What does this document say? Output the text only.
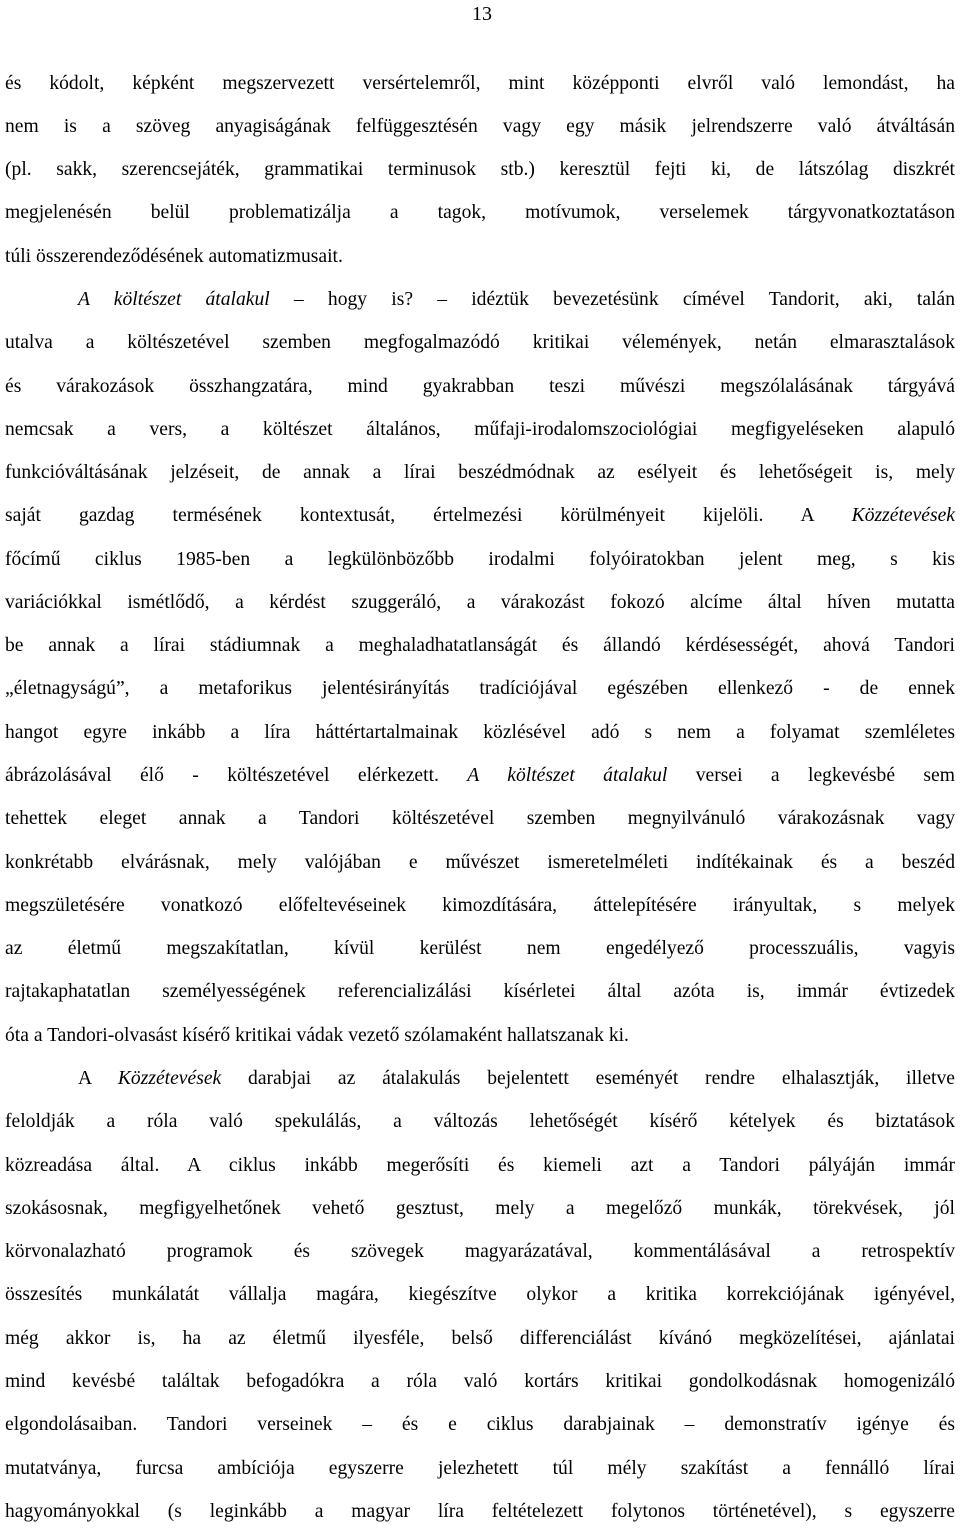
13
és kódolt, képként megszervezett versértelemről, mint középponti elvről való lemondást, ha
nem is a szöveg anyagiságának felfüggesztésén vagy egy másik jelrendszerre való átváltásán
(pl. sakk, szerencsejáték, grammatikai terminusok stb.) keresztül fejti ki, de látszólag diszkrét
megjelenésén belül problematizálja a tagok, motívumok, verselemek tárgyvonatkoztatáson
túli összerendeződésének automatizmusait.
A költészet átalakul – hogy is? – idéztük bevezetésünk címével Tandorit, aki, talán
utalva a költészetével szemben megfogalmazódó kritikai vélemények, netán elmarasztalások
és várakozások összhangzatára, mind gyakrabban teszi művészi megszólalásának tárgyává
nemcsak a vers, a költészet általános, műfaji-irodalomszociológiai megfigyeléseken alapuló
funkcióváltásának jelzéseit, de annak a lírai beszédmódnak az esélyeit és lehetőségeit is, mely
saját gazdag termésének kontextusát, értelmezési körülményeit kijelöli. A Közzétevések
főcímű ciklus 1985-ben a legkülönbözőbb irodalmi folyóiratokban jelent meg, s kis
variációkkal ismétlődő, a kérdést szuggeráló, a várakozást fokozó alcíme által híven mutatta
be annak a lírai stádiumnak a meghaladhatatlanságát és állandó kérdésességét, ahová Tandori
„életnagyságú”, a metaforikus jelentésirányítás tradíciójával egészében ellenkező - de ennek
hangot egyre inkább a líra háttértartalmainak közlésével adó s nem a folyamat szemléletes
ábrázolásával élő - költészetével elérkezett. A költészet átalakul versei a legkevésbé sem
tehettek eleget annak a Tandori költészetével szemben megnyilvánuló várakozásnak vagy
konkrétabb elvárásnak, mely valójában e művészet ismeretelméleti indítékainak és a beszéd
megszületésére vonatkozó előfeltevéseinek kimozdítására, áttelepítésére irányultak, s melyek
az életmű megszakítatlan, kívül kerülést nem engedélyező processzuális, vagyis
rajtakaphatatlan személyességének referencializálási kísérletei által azóta is, immár évtizedek
óta a Tandori-olvasást kísérő kritikai vádak vezető szólamaként hallatszanak ki.
A Közzétevések darabjai az átalakulás bejelentett eseményét rendre elhalasztják, illetve
feloldják a róla való spekulálás, a változás lehetőségét kísérő kételyek és biztatások
közreadása által. A ciklus inkább megerősíti és kiemeli azt a Tandori pályáján immár
szokásosnak, megfigyelhetőnek vehető gesztust, mely a megelőző munkák, törekvések, jól
körvonalazható programok és szövegek magyarázatával, kommentálásával a retrospektív
összesítés munkálatát vállalja magára, kiegészítve olykor a kritika korrekciójának igényével,
még akkor is, ha az életmű ilyesféle, belső differenciálást kívánó megközelítései, ajánlatai
mind kevésbé találtak befogadókra a róla való kortárs kritikai gondolkodásnak homogenizáló
elgondolásaiban. Tandori verseinek – és e ciklus darabjainak – demonstratív igénye és
mutatványa, furcsa ambíciója egyszerre jelezhetett túl mély szakítást a fennálló lírai
hagyományokkal (s leginkább a magyar líra feltételezett folytonos történetével), s egyszerre
